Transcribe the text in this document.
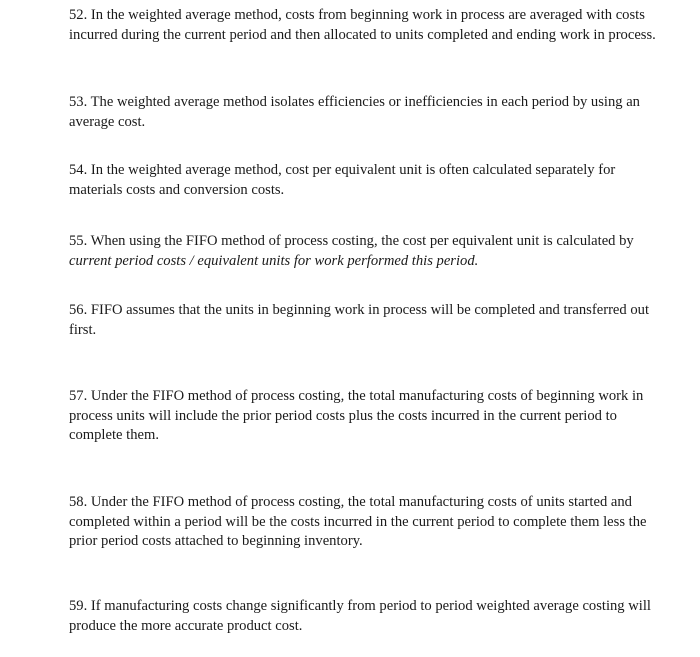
52. In the weighted average method, costs from beginning work in process are averaged with costs incurred during the current period and then allocated to units completed and ending work in process.

53. The weighted average method isolates efficiencies or inefficiencies in each period by using an average cost.

54. In the weighted average method, cost per equivalent unit is often calculated separately for materials costs and conversion costs.

55. When using the FIFO method of process costing, the cost per equivalent unit is calculated by current period costs / equivalent units for work performed this period.

56. FIFO assumes that the units in beginning work in process will be completed and transferred out first.

57. Under the FIFO method of process costing, the total manufacturing costs of beginning work in process units will include the prior period costs plus the costs incurred in the current period to complete them.

58. Under the FIFO method of process costing, the total manufacturing costs of units started and completed within a period will be the costs incurred in the current period to complete them less the prior period costs attached to beginning inventory.

59. If manufacturing costs change significantly from period to period weighted average costing will produce the more accurate product cost.
